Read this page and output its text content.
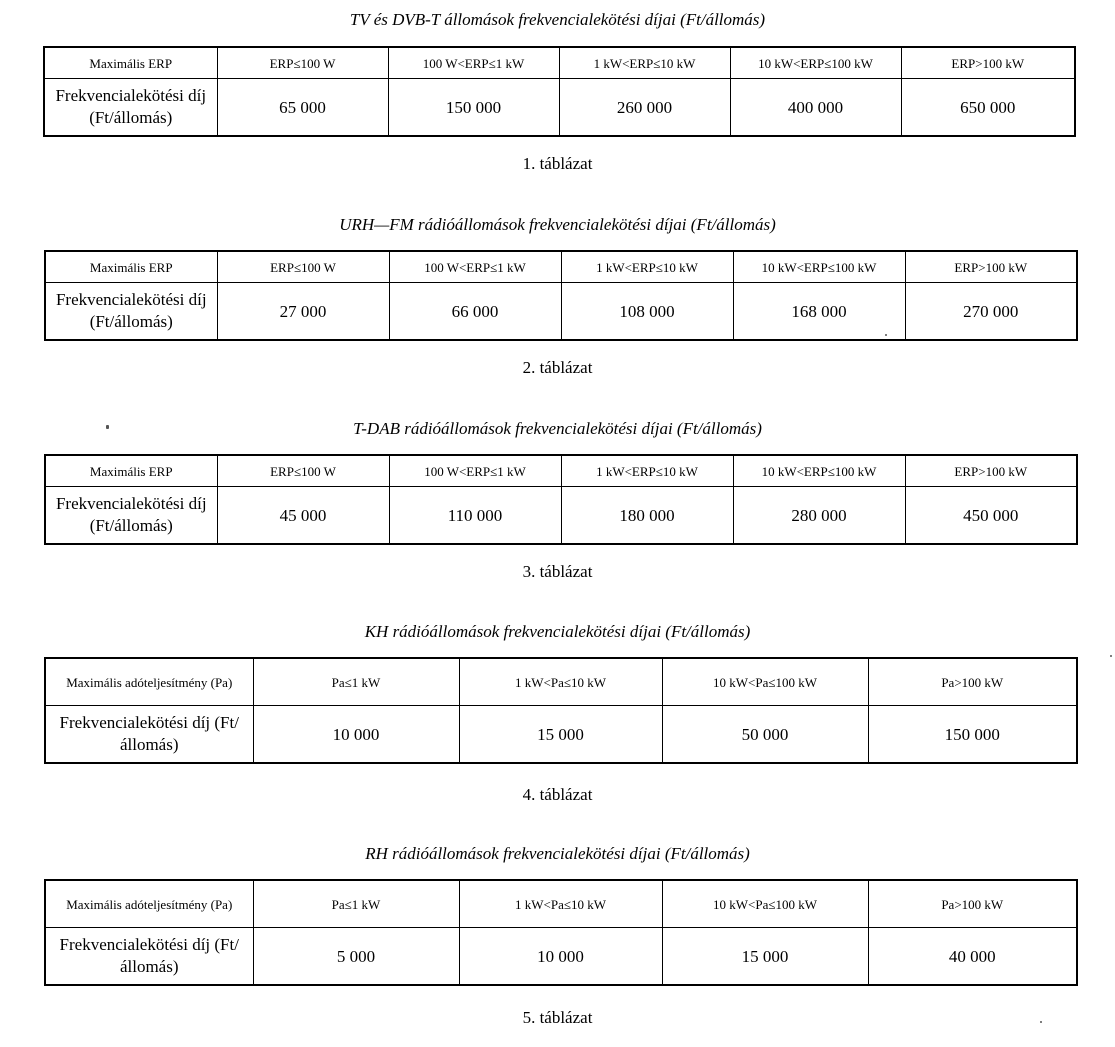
TV és DVB-T állomások frekvencialekötési díjai (Ft/állomás)
Maximális ERP	ERP≤100 W	100 W<ERP≤1 kW	1 kW<ERP≤10 kW	10 kW<ERP≤100 kW	ERP>100 kW
Frekvencialekötési díj (Ft/állomás)	65 000	150 000	260 000	400 000	650 000
1. táblázat
URH—FM rádióállomások frekvencialekötési díjai (Ft/állomás)
Maximális ERP	ERP≤100 W	100 W<ERP≤1 kW	1 kW<ERP≤10 kW	10 kW<ERP≤100 kW	ERP>100 kW
Frekvencialekötési díj (Ft/állomás)	27 000	66 000	108 000	168 000	270 000
2. táblázat
T-DAB rádióállomások frekvencialekötési díjai (Ft/állomás)
Maximális ERP	ERP≤100 W	100 W<ERP≤1 kW	1 kW<ERP≤10 kW	10 kW<ERP≤100 kW	ERP>100 kW
Frekvencialekötési díj (Ft/állomás)	45 000	110 000	180 000	280 000	450 000
3. táblázat
KH rádióállomások frekvencialekötési díjai (Ft/állomás)
Maximális adóteljesítmény (Pa)	Pa≤1 kW	1 kW<Pa≤10 kW	10 kW<Pa≤100 kW	Pa>100 kW
Frekvencialekötési díj (Ft/állomás)	10 000	15 000	50 000	150 000
4. táblázat
RH rádióállomások frekvencialekötési díjai (Ft/állomás)
Maximális adóteljesítmény (Pa)	Pa≤1 kW	1 kW<Pa≤10 kW	10 kW<Pa≤100 kW	Pa>100 kW
Frekvencialekötési díj (Ft/állomás)	5 000	10 000	15 000	40 000
5. táblázat
